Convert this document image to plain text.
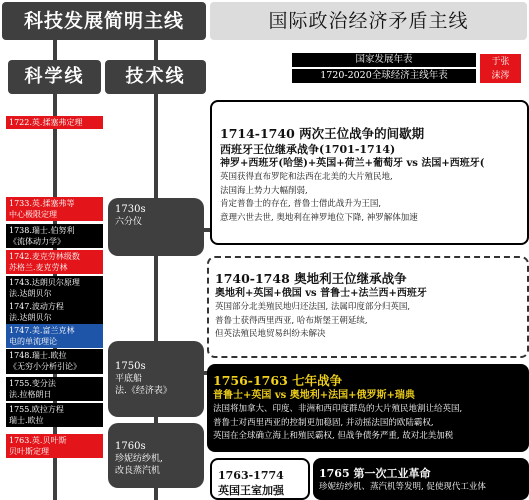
科技发展简明主线	国际政治经济矛盾主线
科学线	技术线
国家发展年表
1720-2020全球经济主线年表
于张
沫涔
1722.英.揉塞弗定理
1733.英.揉塞弗等
中心极限定理
1738.瑞士.伯努利
《流体动力学》
1742.麦克劳林级数
苏格兰.麦克劳林
1743.达朗贝尔原理
法.达朗贝尔
1747.波动方程
法.达朗贝尔
1747.美.富兰克林
电的单流理论
1748.瑞士.欧拉
《无穷小分析引论》
1755.变分法
法.拉格朗日
1755.欧拉方程
瑞士.欧拉
1763.英.贝叶斯
贝叶斯定理
1730s
六分仪
1750s
平底船
法.《经济表》
1760s
珍妮纺纱机,
改良蒸汽机
1714-1740 两次王位战争的间歇期
西班牙王位继承战争(1701-1714)
神罗+西班牙(哈堡)+英国+荷兰+葡萄牙 vs 法国+西班牙(
英国获得直布罗陀和法西在北美的大片殖民地,
法国海上势力大幅削弱,
肯定普鲁士的存在, 普鲁士借此战升为王国,
意理六世去世, 奥地利在神罗地位下降, 神罗解体加速
1740-1748 奥地利王位继承战争
奥地利+英国+俄国 vs 普鲁士+法兰西+西班牙
英国部分北美殖民地归还法国, 法属印度部分归英国,
普鲁士获得西里西亚, 哈布斯堡王朝延续,
但英法殖民地贸易纠纷未解决
1756-1763 七年战争
普鲁士+英国 vs 奥地利+法国+俄罗斯+瑞典
法国将加拿大、印度、非洲和西印度群岛的大片殖民地割让给英国,
普鲁士对西里西亚的控制更加稳固, 并动摇法国的欧陆霸权,
英国在全球确立海上和殖民霸权, 但战争债务严重, 故对北美加税
1763-1774
英国王室加强
1765 第一次工业革命
珍妮纺纱机、蒸汽机等发明, 促使现代工业体
